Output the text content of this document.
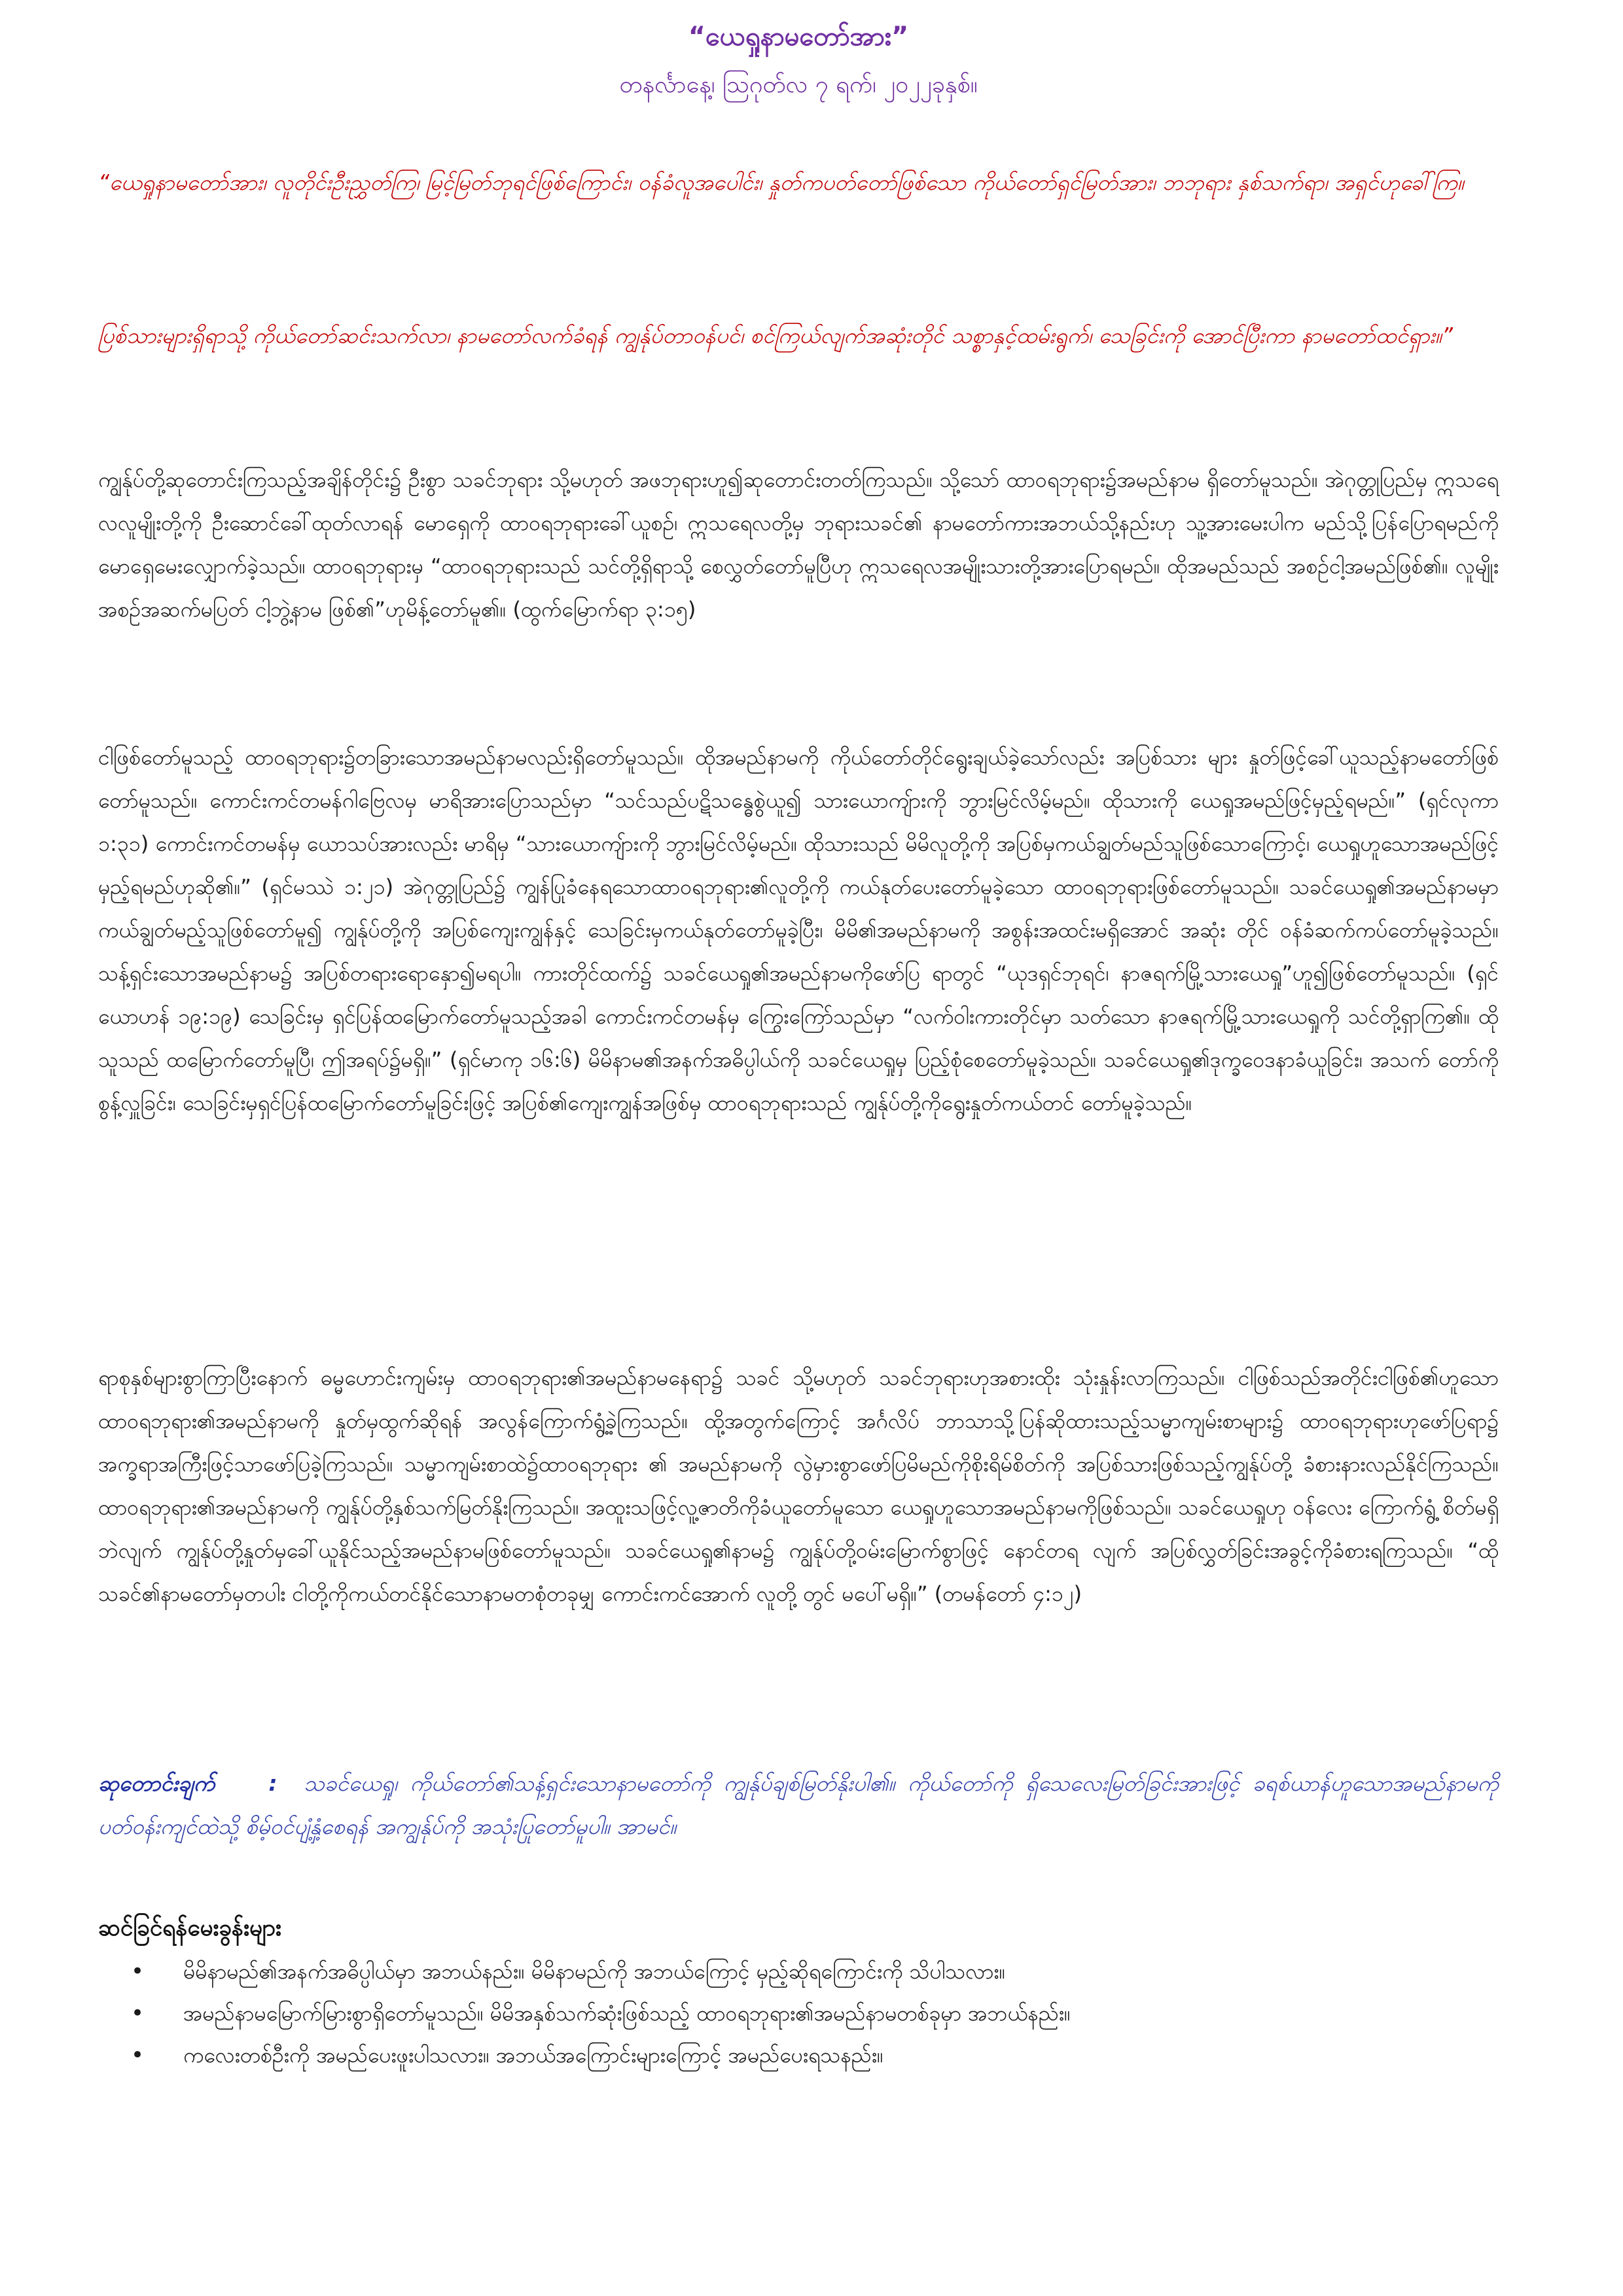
“ယေရှုနာမတော်အား”
တနင်္လာနေ့၊ ဩဂုတ်လ ၇ ရက်၊ ၂၀၂၂ခုနှစ်။
“ယေရှုနာမတော်အား၊ လူတိုင်းဦးညွှတ်ကြ၊ မြင့်မြတ်ဘုရင်ဖြစ်ကြောင်း၊ ဝန်ခံလူအပေါင်း၊ နှုတ်ကပတ်တော်ဖြစ်သော ကိုယ်တော်ရှင်မြတ်အား၊ ဘဘုရား နှစ်သက်ရာ၊ အရှင်ဟုခေါ်ကြ။
ပြစ်သားများရှိရာသို့ ကိုယ်တော်ဆင်းသက်လာ၊ နာမတော်လက်ခံရန် ကျွန်ုပ်တာဝန်ပင်၊ စင်ကြယ်လျက်အဆုံးတိုင် သစ္စာနှင့်ထမ်းရွက်၊ သေခြင်းကို အောင်ပြီးကာ နာမတော်ထင်ရှား။”
ကျွန်ုပ်တို့ဆုတောင်းကြသည့်အချိန်တိုင်း၌ ဦးစွာ သခင်ဘုရား သို့မဟုတ် အဖဘုရားဟူ၍ဆုတောင်းတတ်ကြသည်။ သို့သော် ထာဝရဘုရား၌အမည်နာမ ရှိတော်မူသည်။ အဲဂုတ္တုပြည်မှ ဣသရေလလူမျိုးတို့ကို ဦးဆောင်ခေါ်ထုတ်လာရန် မောရှေကို ထာဝရဘုရားခေါ်ယူစဉ်၊ ဣသရေလတို့မှ ဘုရားသခင်၏ နာမတော်ကားအဘယ်သို့နည်းဟု သူ့အားမေးပါက မည်သို့ပြန်ပြောရမည်ကို မောရှေမေးလျှောက်ခဲ့သည်။ ထာဝရဘုရားမှ “ထာဝရဘုရားသည် သင်တို့ရှိရာသို့ စေလွှတ်တော်မူပြီဟု ဣသရေလအမျိုးသားတို့အားပြောရမည်။ ထိုအမည်သည် အစဉ်ငါ့အမည်ဖြစ်၏။ လူမျိုးအစဉ်အဆက်မပြတ် ငါ့ဘွဲ့နာမ ဖြစ်၏”ဟုမိန့်တော်မူ၏။ (ထွက်မြောက်ရာ ၃:၁၅)
ငါဖြစ်တော်မူသည့် ထာဝရဘုရား၌တခြားသောအမည်နာမလည်းရှိတော်မူသည်။ ထိုအမည်နာမကို ကိုယ်တော်တိုင်ရွေးချယ်ခဲ့သော်လည်း အပြစ်သား များ နှုတ်ဖြင့်ခေါ်ယူသည့်နာမတော်ဖြစ်တော်မူသည်။ ကောင်းကင်တမန်ဂါဗြေလမှ မာရိအားပြောသည်မှာ “သင်သည်ပဋိသန္ဓေစွဲယူ၍ သားယောကျ်ားကို ဘွားမြင်လိမ့်မည်။ ထိုသားကို ယေရှုအမည်ဖြင့်မှည့်ရမည်။” (ရှင်လုကာ ၁:၃၁) ကောင်းကင်တမန်မှ ယောသပ်အားလည်း မာရိမှ “သားယောကျ်ားကို ဘွားမြင်လိမ့်မည်။ ထိုသားသည် မိမိလူတို့ကို အပြစ်မှကယ်ချွတ်မည်သူဖြစ်သောကြောင့်၊ ယေရှုဟူသောအမည်ဖြင့်မှည့်ရမည်ဟုဆို၏။” (ရှင်မဿဲ ၁:၂၁) အဲဂုတ္တုပြည်၌ ကျွန်ပြုခံနေရသောထာဝရဘုရား၏လူတို့ကို ကယ်နုတ်ပေးတော်မူခဲ့သော ထာဝရဘုရားဖြစ်တော်မူသည်။ သခင်ယေရှု၏အမည်နာမမှာ ကယ်ချွတ်မည့်သူဖြစ်တော်မူ၍ ကျွန်ုပ်တို့ကို အပြစ်ကျေးကျွန်နှင့် သေခြင်းမှကယ်နုတ်တော်မူခဲ့ပြီး၊ မိမိ၏အမည်နာမကို အစွန်းအထင်းမရှိအောင် အဆုံး တိုင် ဝန်ခံဆက်ကပ်တော်မူခဲ့သည်။ သန့်ရှင်းသောအမည်နာမ၌ အပြစ်တရားရောနှော၍မရပါ။ ကားတိုင်ထက်၌ သခင်ယေရှု၏အမည်နာမကိုဖော်ပြ ရာတွင် “ယုဒရှင်ဘုရင်၊ နာဇရက်မြို့သားယေရှု”ဟူ၍ဖြစ်တော်မူသည်။ (ရှင်ယောဟန် ၁၉:၁၉) သေခြင်းမှ ရှင်ပြန်ထမြောက်တော်မူသည့်အခါ ကောင်းကင်တမန်မှ ကြွေးကြော်သည်မှာ “လက်ဝါးကားတိုင်မှာ သတ်သော နာဇရက်မြို့သားယေရှုကို သင်တို့ရှာကြ၏။ ထိုသူသည် ထမြောက်တော်မူပြီ၊ ဤအရပ်၌မရှိ။” (ရှင်မာကု ၁၆:၆) မိမိနာမ၏အနက်အဓိပ္ပါယ်ကို သခင်ယေရှုမှ ပြည့်စုံစေတော်မူခဲ့သည်။ သခင်ယေရှု၏ဒုက္ခဝေဒနာခံယူခြင်း၊ အသက် တော်ကို စွန့်လှူခြင်း၊ သေခြင်းမှရှင်ပြန်ထမြောက်တော်မူခြင်းဖြင့် အပြစ်၏ကျေးကျွန်အဖြစ်မှ ထာဝရဘုရားသည် ကျွန်ုပ်တို့ကိုရွေးနှုတ်ကယ်တင် တော်မူခဲ့သည်။
ရာစုနှစ်များစွာကြာပြီးနောက် ဓမ္မဟောင်းကျမ်းမှ ထာဝရဘုရား၏အမည်နာမနေရာ၌ သခင် သို့မဟုတ် သခင်ဘုရားဟုအစားထိုး သုံးနှုန်းလာကြသည်။ ငါဖြစ်သည်အတိုင်းငါဖြစ်၏ဟူသော ထာဝရဘုရား၏အမည်နာမကို နှုတ်မှထွက်ဆိုရန် အလွန်ကြောက်ရွံ့ခဲ့ကြသည်။ ထို့အတွက်ကြောင့် အင်္ဂလိပ် ဘာသာသို့ပြန်ဆိုထားသည့်သမ္မာကျမ်းစာများ၌ ထာဝရဘုရားဟုဖော်ပြရာ၌ အက္ခရာအကြီးဖြင့်သာဖော်ပြခဲ့ကြသည်။ သမ္မာကျမ်းစာထဲ၌ထာဝရဘုရား ၏ အမည်နာမကို လွဲမှားစွာဖော်ပြမိမည်ကိုစိုးရိမ်စိတ်ကို အပြစ်သားဖြစ်သည့်ကျွန်ုပ်တို့ ခံစားနားလည်နိုင်ကြသည်။ ထာဝရဘုရား၏အမည်နာမကို ကျွန်ုပ်တို့နှစ်သက်မြတ်နိုးကြသည်။ အထူးသဖြင့်လူ့ဇာတိကိုခံယူတော်မူသော ယေရှုဟူသောအမည်နာမကိုဖြစ်သည်။ သခင်ယေရှုဟု ဝန်လေး ကြောက်ရွံ့ စိတ်မရှိဘဲလျက် ကျွန်ုပ်တို့နှုတ်မှခေါ်ယူနိုင်သည့်အမည်နာမဖြစ်တော်မူသည်။ သခင်ယေရှု၏နာမ၌ ကျွန်ုပ်တို့ဝမ်းမြောက်စွာဖြင့် နောင်တရ လျက် အပြစ်လွှတ်ခြင်းအခွင့်ကိုခံစားရကြသည်။ “ထိုသခင်၏နာမတော်မှတပါး ငါတို့ကိုကယ်တင်နိုင်သောနာမတစုံတခုမျှ ကောင်းကင်အောက် လူတို့ တွင် မပေါ်မရှိ။” (တမန်တော် ၄:၁၂)
ဆုတောင်းချက် : သခင်ယေရှု၊ ကိုယ်တော်၏သန့်ရှင်းသောနာမတော်ကို ကျွန်ုပ်ချစ်မြတ်နိုးပါ၏။ ကိုယ်တော်ကို ရှိသေလေးမြတ်ခြင်းအားဖြင့် ခရစ်ယာန်ဟူသောအမည်နာမကို ပတ်ဝန်းကျင်ထဲသို့ စိမ့်ဝင်ပျံ့နှံ့စေရန် အကျွန်ုပ်ကို အသုံးပြုတော်မူပါ။ အာမင်။
ဆင်ခြင်ရန်မေးခွန်းများ
• မိမိနာမည်၏အနက်အဓိပ္ပါယ်မှာ အဘယ်နည်း။ မိမိနာမည်ကို အဘယ်ကြောင့် မှည့်ဆိုရကြောင်းကို သိပါသလား။
• အမည်နာမမြောက်မြားစွာရှိတော်မူသည်။ မိမိအနှစ်သက်ဆုံးဖြစ်သည့် ထာဝရဘုရား၏အမည်နာမတစ်ခုမှာ အဘယ်နည်း။
• ကလေးတစ်ဦးကို အမည်ပေးဖူးပါသလား။ အဘယ်အကြောင်းများကြောင့် အမည်ပေးရသနည်း။
